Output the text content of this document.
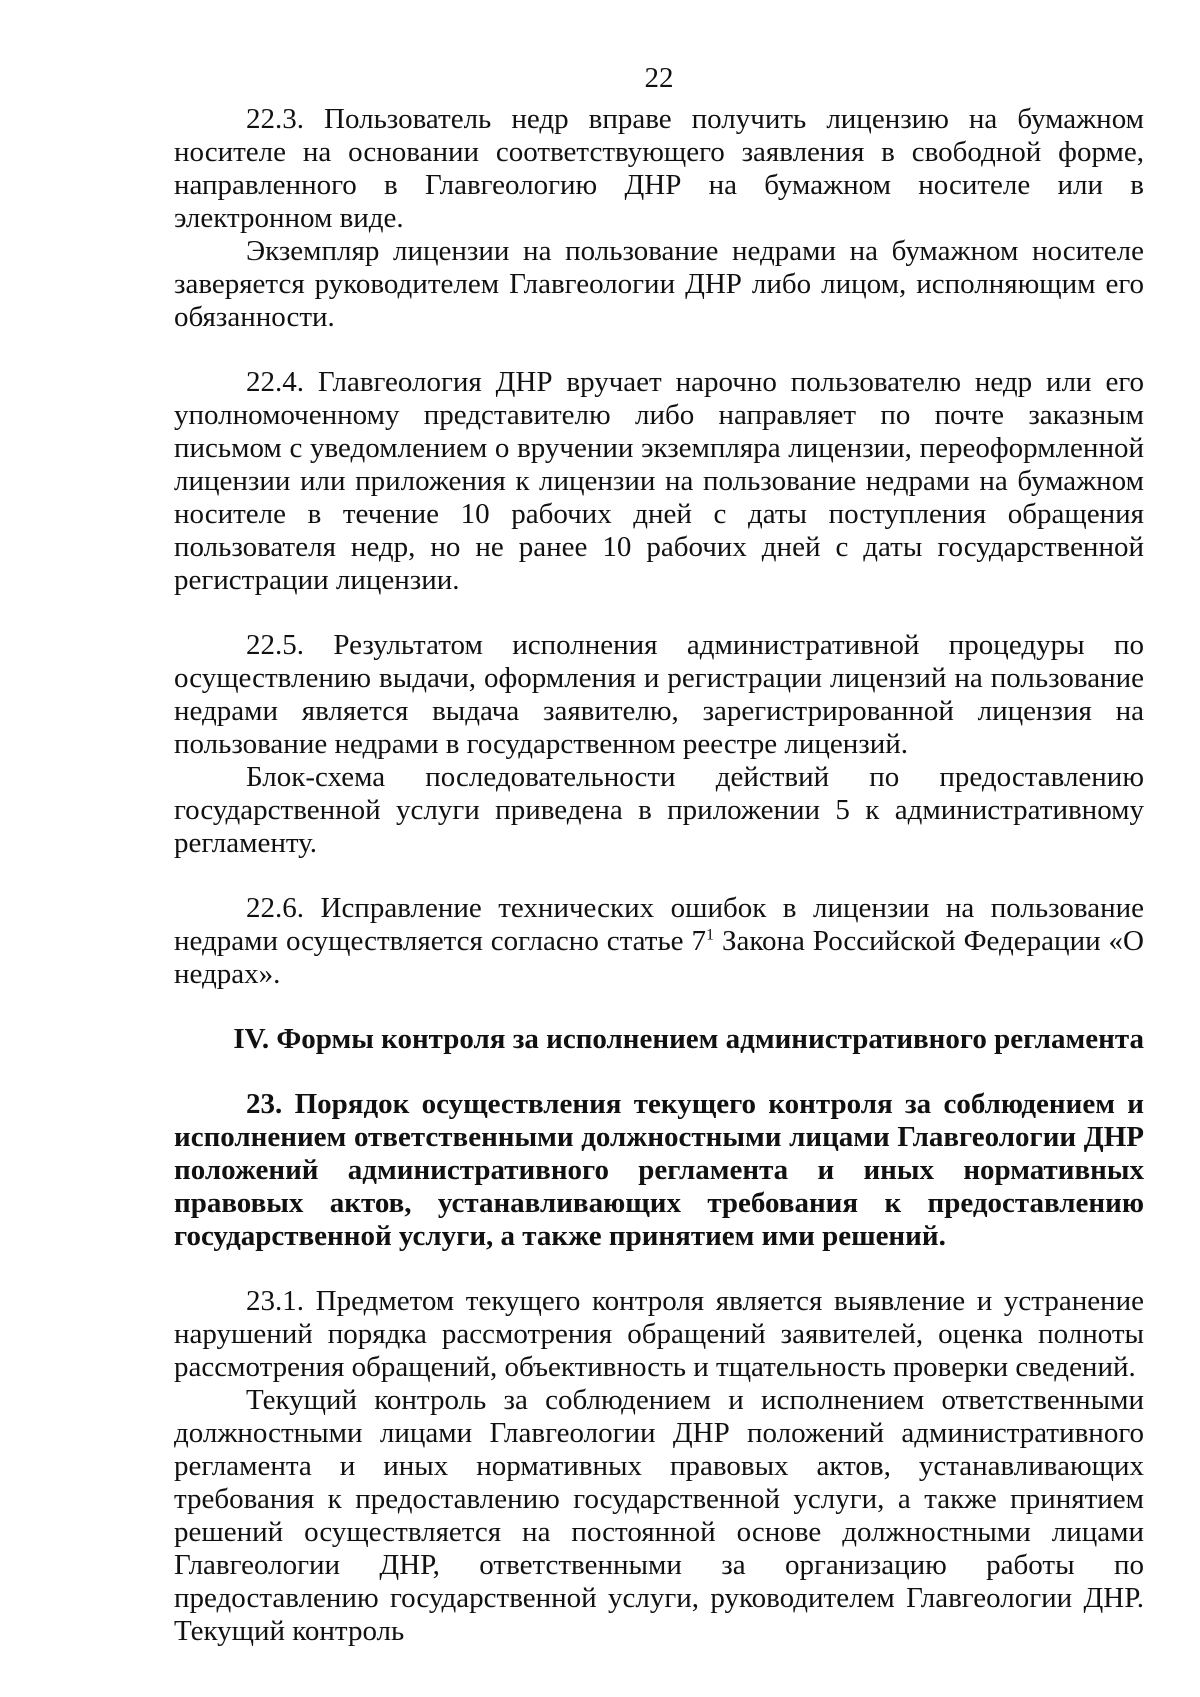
22

22.3. Пользователь недр вправе получить лицензию на бумажном носителе на основании соответствующего заявления в свободной форме, направленного в Главгеологию ДНР на бумажном носителе или в электронном виде.

Экземпляр лицензии на пользование недрами на бумажном носителе заверяется руководителем Главгеологии ДНР либо лицом, исполняющим его обязанности.

22.4. Главгеология ДНР вручает нарочно пользователю недр или его уполномоченному представителю либо направляет по почте заказным письмом с уведомлением о вручении экземпляра лицензии, переоформленной лицензии или приложения к лицензии на пользование недрами на бумажном носителе в течение 10 рабочих дней с даты поступления обращения пользователя недр, но не ранее 10 рабочих дней с даты государственной регистрации лицензии.

22.5. Результатом исполнения административной процедуры по осуществлению выдачи, оформления и регистрации лицензий на пользование недрами является выдача заявителю, зарегистрированной лицензия на пользование недрами в государственном реестре лицензий.

Блок-схема последовательности действий по предоставлению государственной услуги приведена в приложении 5 к административному регламенту.

22.6. Исправление технических ошибок в лицензии на пользование недрами осуществляется согласно статье $7^1$ Закона Российской Федерации «О недрах».

IV. Формы контроля за исполнением административного регламента

23. Порядок осуществления текущего контроля за соблюдением и исполнением ответственными должностными лицами Главгеологии ДНР положений административного регламента и иных нормативных правовых актов, устанавливающих требования к предоставлению государственной услуги, а также принятием ими решений.

23.1. Предметом текущего контроля является выявление и устранение нарушений порядка рассмотрения обращений заявителей, оценка полноты рассмотрения обращений, объективность и тщательность проверки сведений.

Текущий контроль за соблюдением и исполнением ответственными должностными лицами Главгеологии ДНР положений административного регламента и иных нормативных правовых актов, устанавливающих требования к предоставлению государственной услуги, а также принятием решений осуществляется на постоянной основе должностными лицами Главгеологии ДНР, ответственными за организацию работы по предоставлению государственной услуги, руководителем Главгеологии ДНР. Текущий контроль
